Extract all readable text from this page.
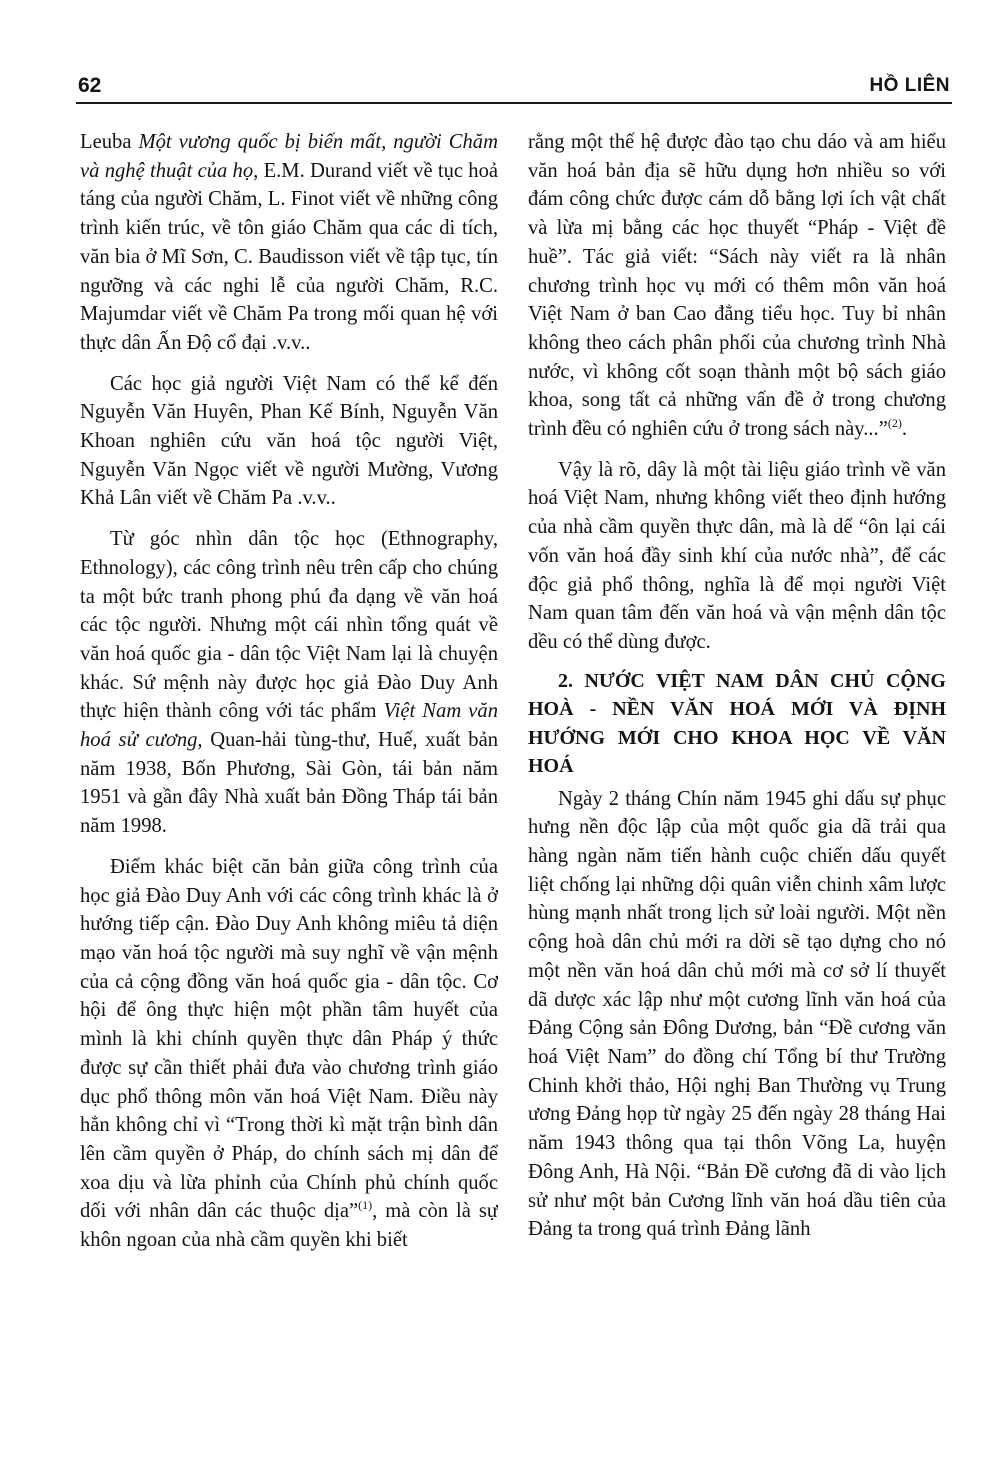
62	HỒ LIÊN

Leuba Một vương quốc bị biến mất, người Chăm và nghệ thuật của họ, E.M. Durand viết về tục hoả táng của người Chăm, L. Finot viết về những công trình kiến trúc, về tôn giáo Chăm qua các di tích, văn bia ở Mĩ Sơn, C. Baudisson viết về tập tục, tín ngưỡng và các nghi lễ của người Chăm, R.C. Majumdar viết về Chăm Pa trong mối quan hệ với thực dân Ấn Độ cổ đại .v.v..

Các học giả người Việt Nam có thể kể đến Nguyễn Văn Huyên, Phan Kế Bính, Nguyễn Văn Khoan nghiên cứu văn hoá tộc người Việt, Nguyễn Văn Ngọc viết về người Mường, Vương Khả Lân viết về Chăm Pa .v.v..

Từ góc nhìn dân tộc học (Ethnography, Ethnology), các công trình nêu trên cấp cho chúng ta một bức tranh phong phú đa dạng về văn hoá các tộc người. Nhưng một cái nhìn tổng quát về văn hoá quốc gia - dân tộc Việt Nam lại là chuyện khác. Sứ mệnh này được học giả Đào Duy Anh thực hiện thành công với tác phẩm Việt Nam văn hoá sử cương, Quan-hải tùng-thư, Huế, xuất bản năm 1938, Bốn Phương, Sài Gòn, tái bản năm 1951 và gần đây Nhà xuất bản Đồng Tháp tái bản năm 1998.

Điểm khác biệt căn bản giữa công trình của học giả Đào Duy Anh với các công trình khác là ở hướng tiếp cận. Đào Duy Anh không miêu tả diện mạo văn hoá tộc người mà suy nghĩ về vận mệnh của cả cộng đồng văn hoá quốc gia - dân tộc. Cơ hội để ông thực hiện một phần tâm huyết của mình là khi chính quyền thực dân Pháp ý thức được sự cần thiết phải đưa vào chương trình giáo dục phổ thông môn văn hoá Việt Nam. Điều này hẳn không chỉ vì “Trong thời kì mặt trận bình dân lên cầm quyền ở Pháp, do chính sách mị dân để xoa dịu và lừa phỉnh của Chính phủ chính quốc dối với nhân dân các thuộc dịa”$^{(1)}$, mà còn là sự khôn ngoan của nhà cầm quyền khi biết

rằng một thế hệ được đào tạo chu dáo và am hiểu văn hoá bản địa sẽ hữu dụng hơn nhiều so với đám công chức được cám dỗ bằng lợi ích vật chất và lừa mị bằng các học thuyết “Pháp - Việt đề huề”. Tác giả viết: “Sách này viết ra là nhân chương trình học vụ mới có thêm môn văn hoá Việt Nam ở ban Cao đẳng tiểu học. Tuy bỉ nhân không theo cách phân phối của chương trình Nhà nước, vì không cốt soạn thành một bộ sách giáo khoa, song tất cả những vấn đề ở trong chương trình đều có nghiên cứu ở trong sách này...”$^{(2)}$.

Vậy là rõ, dây là một tài liệu giáo trình về văn hoá Việt Nam, nhưng không viết theo định hướng của nhà cầm quyền thực dân, mà là dể “ôn lại cái vốn văn hoá đầy sinh khí của nước nhà”, để các độc giả phổ thông, nghĩa là để mọi người Việt Nam quan tâm đến văn hoá và vận mệnh dân tộc dều có thể dùng được.

2. NƯỚC VIỆT NAM DÂN CHỦ CỘNG HOÀ - NỀN VĂN HOÁ MỚI VÀ ĐỊNH HƯỚNG MỚI CHO KHOA HỌC VỀ VĂN HOÁ

Ngày 2 tháng Chín năm 1945 ghi dấu sự phục hưng nền độc lập của một quốc gia dã trải qua hàng ngàn năm tiến hành cuộc chiến dấu quyết liệt chống lại những dội quân viễn chinh xâm lược hùng mạnh nhất trong lịch sử loài người. Một nền cộng hoà dân chủ mới ra dời sẽ tạo dựng cho nó một nền văn hoá dân chủ mới mà cơ sở lí thuyết dã dược xác lập như một cương lĩnh văn hoá của Đảng Cộng sản Đông Dương, bản “Đề cương văn hoá Việt Nam” do đồng chí Tổng bí thư Trường Chinh khởi thảo, Hội nghị Ban Thường vụ Trung ương Đảng họp từ ngày 25 đến ngày 28 tháng Hai năm 1943 thông qua tại thôn Võng La, huyện Đông Anh, Hà Nội. “Bản Đề cương đã di vào lịch sử như một bản Cương lĩnh văn hoá dầu tiên của Đảng ta trong quá trình Đảng lãnh
